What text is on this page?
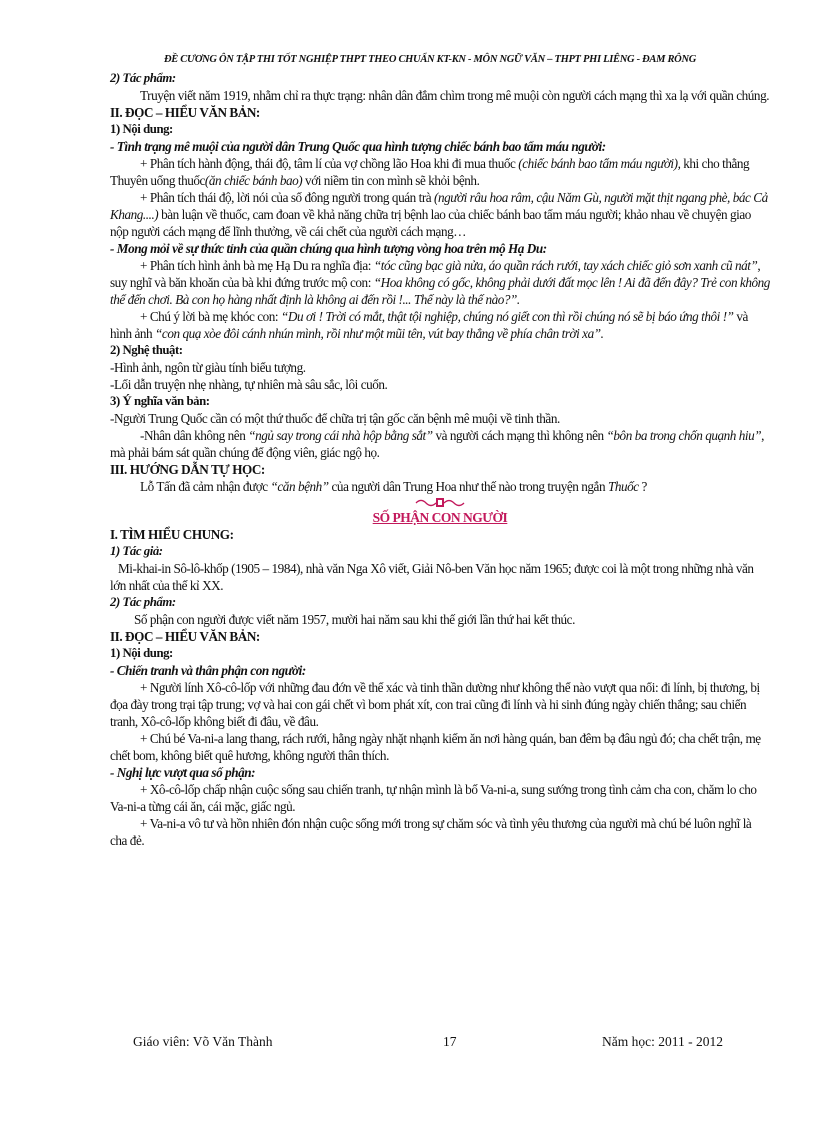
ĐỀ CƯƠNG ÔN TẬP THI TỐT NGHIỆP THPT THEO CHUẨN KT-KN - MÔN NGỮ VĂN – THPT PHI LIÊNG - ĐAM RÔNG

2) Tác phẩm:

Truyện viết năm 1919, nhằm chỉ ra thực trạng: nhân dân đắm chìm trong mê muội còn người cách mạng thì xa lạ với quần chúng.

II. ĐỌC – HIỂU VĂN BẢN:

1) Nội dung:

- Tình trạng mê muội của người dân Trung Quốc qua hình tượng chiếc bánh bao tẩm máu người:

+ Phân tích hành động, thái độ, tâm lí của vợ chồng lão Hoa khi đi mua thuốc (chiếc bánh bao tẩm máu người), khi cho thằng Thuyên uống thuốc(ăn chiếc bánh bao) với niềm tin con mình sẽ khỏi bệnh.

+ Phân tích thái độ, lời nói của số đông người trong quán trà (người râu hoa râm, cậu Năm Gù, người mặt thịt ngang phè, bác Cả Khang....) bàn luận về thuốc, cam đoan về khả năng chữa trị bệnh lao của chiếc bánh bao tẩm máu người; khảo nhau về chuyện giao nộp người cách mạng để lĩnh thưởng, về cái chết của người cách mạng…

- Mong mỏi về sự thức tỉnh của quần chúng qua hình tượng vòng hoa trên mộ Hạ Du:

+ Phân tích hình ảnh bà mẹ Hạ Du ra nghĩa địa: “tóc cũng bạc già nửa, áo quần rách rưới, tay xách chiếc giỏ sơn xanh cũ nát”, suy nghĩ và băn khoăn của bà khi đứng trước mộ con: “Hoa không có gốc, không phải dưới đất mọc lên ! Ai đã đến đây? Trẻ con không thể đến chơi. Bà con họ hàng nhất định là không ai đến rồi !... Thế này là thế nào?”.

+ Chú ý lời bà mẹ khóc con: “Du ơi ! Trời có mắt, thật tội nghiệp, chúng nó giết con thì rồi chúng nó sẽ bị báo ứng thôi !” và hình ảnh “con quạ xòe đôi cánh nhún mình, rồi như một mũi tên, vút bay thẳng về phía chân trời xa”.

2) Nghệ thuật:

-Hình ảnh, ngôn từ giàu tính biểu tượng.

-Lối dẫn truyện nhẹ nhàng, tự nhiên mà sâu sắc, lôi cuốn.

3) Ý nghĩa văn bản:

-Người Trung Quốc cần có một thứ thuốc để chữa trị tận gốc căn bệnh mê muội về tinh thần.

-Nhân dân không nên “ngủ say trong cái nhà hộp bằng sắt” và người cách mạng thì không nên “bôn ba trong chốn quạnh hiu”, mà phải bám sát quần chúng để động viên, giác ngộ họ.

III. HƯỚNG DẪN TỰ HỌC:

Lỗ Tấn đã cảm nhận được “căn bệnh” của người dân Trung Hoa như thế nào trong truyện ngắn Thuốc ?

SỐ PHẬN CON NGƯỜI

I. TÌM HIỂU CHUNG:

1) Tác giả:

Mi-khai-in Sô-lô-khốp (1905 – 1984), nhà văn Nga Xô viết, Giải Nô-ben Văn học năm 1965; được coi là một trong những nhà văn lớn nhất của thế kỉ XX.

2) Tác phẩm:

Số phận con người được viết năm 1957, mười hai năm sau khi thế giới lần thứ hai kết thúc.

II. ĐỌC – HIỂU VĂN BẢN:

1) Nội dung:

- Chiến tranh và thân phận con người:

+ Người lính Xô-cô-lốp với những đau đớn về thể xác và tinh thần dường như không thể nào vượt qua nổi: đi lính, bị thương, bị đọa đày trong trại tập trung; vợ và hai con gái chết vì bom phát xít, con trai cũng đi lính và hi sinh đúng ngày chiến thắng; sau chiến tranh, Xô-cô-lốp không biết đi đâu, về đâu.

+ Chú bé Va-ni-a lang thang, rách rưới, hằng ngày nhặt nhạnh kiếm ăn nơi hàng quán, ban đêm bạ đâu ngủ đó; cha chết trận, mẹ chết bom, không biết quê hương, không người thân thích.

- Nghị lực vượt qua số phận:

+ Xô-cô-lốp chấp nhận cuộc sống sau chiến tranh, tự nhận mình là bố Va-ni-a, sung sướng trong tình cảm cha con, chăm lo cho Va-ni-a từng cái ăn, cái mặc, giấc ngủ.

+ Va-ni-a vô tư và hồn nhiên đón nhận cuộc sống mới trong sự chăm sóc và tình yêu thương của người mà chú bé luôn nghĩ là cha đẻ.

Giáo viên: Võ Văn Thành	17	Năm học: 2011 - 2012
